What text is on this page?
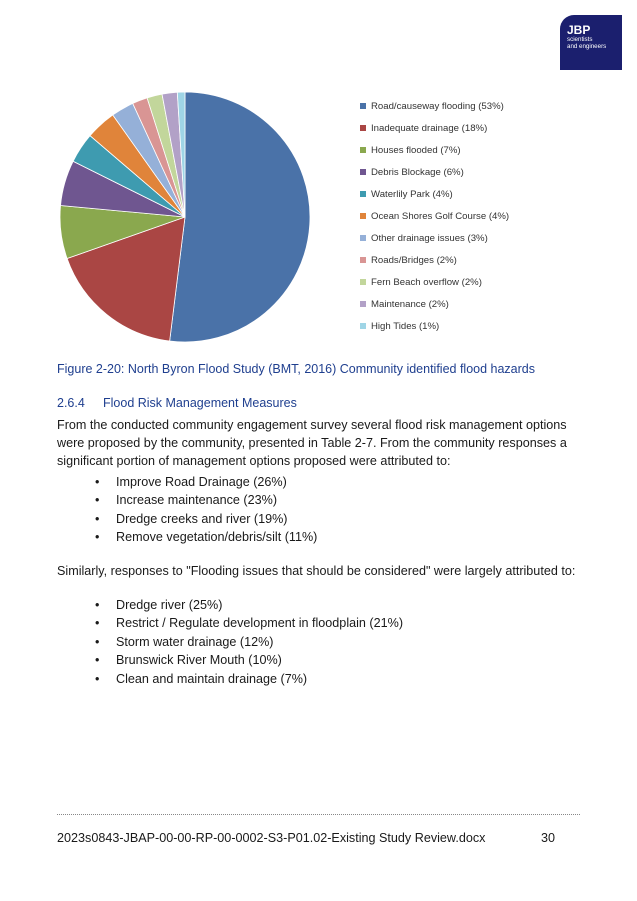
JBP
scientists
and engineers
Road/causeway flooding (53%)
Inadequate drainage (18%)
Houses flooded (7%)
Debris Blockage (6%)
Waterlily Park (4%)
Ocean Shores Golf Course (4%)
Other drainage issues (3%)
Roads/Bridges (2%)
Fern Beach overflow (2%)
Maintenance (2%)
High Tides (1%)
Figure 2-20: North Byron Flood Study (BMT, 2016) Community identified flood hazards
2.6.4 Flood Risk Management Measures

From the conducted community engagement survey several flood risk management options were proposed by the community, presented in Table 2-7. From the community responses a significant portion of management options proposed were attributed to:

• Improve Road Drainage (26%)
• Increase maintenance (23%)
• Dredge creeks and river (19%)
• Remove vegetation/debris/silt (11%)

Similarly, responses to "Flooding issues that should be considered" were largely attributed to:

• Dredge river (25%)
• Restrict / Regulate development in floodplain (21%)
• Storm water drainage (12%)
• Brunswick River Mouth (10%)
• Clean and maintain drainage (7%)
2023s0843-JBAP-00-00-RP-00-0002-S3-P01.02-Existing Study Review.docx	30
